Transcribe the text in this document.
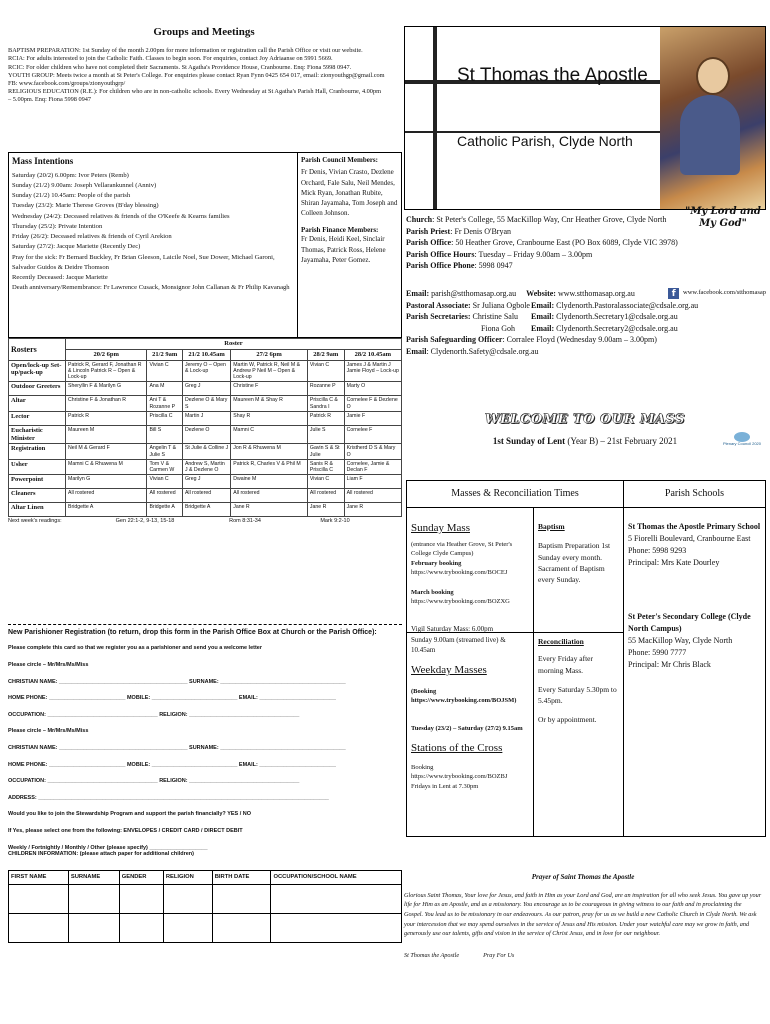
Groups and Meetings

BAPTISM PREPARATION: 1st Sunday of the month 2.00pm for more information or registration call the Parish Office or visit our website.

RCIA: For adults interested to join the Catholic Faith. Classes to begin soon. For enquiries, contact Joy Adriaanse on 5991 5669.

RCIC: For older children who have not completed their Sacraments. St Agatha's Providence House, Cranbourne. Enq: Fiona 5998 0947.

YOUTH GROUP: Meets twice a month at St Peter's College. For enquiries please contact Ryan Fynn 0425 654 017, email: zionyouthgp@gmail.com

FB: www.facebook.com/groups/zionyouthgrp/

RELIGIOUS EDUCATION (R.E.): For children who are in non-catholic schools. Every Wednesday at St Agatha's Parish Hall, Cranbourne, 4.00pm

– 5.00pm. Enq: Fiona 5998 0947

Mass Intentions

Saturday (20/2) 6.00pm: Ivor Peters (Remb)

Sunday (21/2) 9.00am: Joseph Vellarankunnel (Anniv)

Sunday (21/2) 10.45am: People of the parish

Tuesday (23/2): Marie Therese Groves (B'day blessing)

Wednesday (24/2): Deceased relatives & friends of the O'Keefe & Kearns families

Thursday (25/2): Private Intention

Friday (26/2): Deceased relatives & friends of Cyril Arekion

Saturday (27/2): Jacque Mariette (Recently Dec)

Pray for the sick: Fr Bernard Buckley, Fr Brian Gleeson, Laicile Noel, Sue Dower, Michael Garoni, Salvador Guidos & Deidre Thomson

Recently Deceased: Jacque Mariette

Death anniversary/Remembrance: Fr Lawrence Cusack, Monsignor John Callanan & Fr Philip Kavanagh

Parish Council Members:
Fr Denis, Vivian Crasto, Dezlene Orchard, Fale Salu, Neil Mendes, Mick Ryan, Jonathan Rubite, Shiran Jayamaha, Tom Joseph and Colleen Johnson.
Parish Finance Members:
Fr Denis, Heidi Keel, Sinclair Thomas, Patrick Ross, Helene Jayamaha, Peter Gomez.
Rosters	Roster					
	20/2 6pm	21/2 9am	21/2 10.45am	27/2 6pm	28/2 9am	28/2 10.45am
Open/lock-up Set-up/pack-up	Patrick R, Gerard F, Jonathan R & Lincoln Patrick R – Open & Lock-up	Vivian C	Jeremy O – Open & Lock-up	Martin W, Patrick R, Neil M & Andrew P Neil M – Open & Lock-up	Vivian C	James J & Martin J Jamie Floyd – Lock-up
Outdoor Greeters	Sheryllin F & Marilyn G	Ana M	Greg J	Christine F	Rozanne P	Marty O
Altar	Christine F & Jonathan R	Ani T & Rozanne P	Dezlene O & Mary S	Maureen M & Shay R	Priscilla C & Sandra I	Cornelee F & Dezlene O
Lector	Patrick R	Priscilla C	Martin J	Shay R	Patrick R	Jamie F
Eucharistic Minister	Maureen M	Bill S	Dezlene O	Mamni C	Julie S	Cornelee F
Registration	Neil M & Gerard F	Angelin T & Julie S	St Julie & Colline J	Jon R & Rhuwena M	Gavin S & St Julie	Kristherd D S & Mary O
Usher	Mamni C & Rhuwena M	Tom V & Carmen W	Andrew S, Martin J & Dezlene O	Patrick R, Charles V & Phil M	Sanis R & Priscilla C	Cornelee, Jamie & Declan F
Powerpoint	Marilyn G	Vivian C	Greg J	Dwaine M	Vivian C	Liam F
Cleaners	All rostered	All rostered	All rostered	All rostered	All rostered	All rostered
Altar Linen	Bridgette A	Bridgette A	Bridgette A	Jane R	Jane R	Jane R
Next week's readings:	Gen 22:1-2, 9-13, 15-18	Rom 8:31-34	Mark 9:2-10

New Parishioner Registration (to return, drop this form in the Parish Office Box at Church or the Parish Office):

Please complete this card so that we register you as a parishioner and send you a welcome letter

Please circle – Mr/Mrs/Ms/Miss

CHRISTIAN NAME: __________________________________________ SURNAME: _________________________________________

HOME PHONE: _________________________ MOBILE: ____________________________ EMAIL: _________________________

OCCUPATION: ____________________________________ RELIGION: ____________________________________

Please circle – Mr/Mrs/Ms/Miss

CHRISTIAN NAME: __________________________________________ SURNAME: _________________________________________

HOME PHONE: _________________________ MOBILE: ____________________________ EMAIL: _________________________

OCCUPATION: ____________________________________ RELIGION: ____________________________________

ADDRESS: _______________________________________________________________________________________________

Would you like to join the Stewardship Program and support the parish financially? YES / NO

If Yes, please select one from the following: ENVELOPES / CREDIT CARD / DIRECT DEBIT

Weekly / Fortnightly / Monthly / Other (please specify) ___________________

CHILDREN INFORMATION: (please attach paper for additional children)

FIRST NAME	SURNAME	GENDER	RELIGION	BIRTH DATE	OCCUPATION/SCHOOL NAME

St Thomas the Apostle
Catholic Parish, Clyde North
Church: St Peter's College, 55 MacKillop Way, Cnr Heather Grove, Clyde North
Parish Priest: Fr Denis O'Bryan
Parish Office: 50 Heather Grove, Cranbourne East (PO Box 6089, Clyde VIC 3978)
Parish Office Hours: Tuesday – Friday 9.00am – 3.00pm
Parish Office Phone: 5998 0947
"My Lord and My God"
Email: parish@stthomasap.org.au	Website: www.stthomasap.org.au	f	www.facebook.com/stthomasap
Pastoral Associate: Sr Juliana Ogbole Email: Clydenorth.Pastoralassociate@cdsale.org.au
Parish Secretaries: Christine Salu	Email: Clydenorth.Secretary1@cdsale.org.au
Fiona Goh	Email: Clydenorth.Secretary2@cdsale.org.au
Parish Safeguarding Officer: Corralee Floyd (Wednesday 9.00am – 3.00pm)
Email: Clydenorth.Safety@cdsale.org.au
WELCOME TO OUR MASS
1st Sunday of Lent (Year B) – 21st February 2021	Plenary Council 2020
Masses & Reconciliation Times	Parish Schools
Sunday Mass
(entrance via Heather Grove, St Peter's College Clyde Campus)
February booking
https://www.trybooking.com/BOCEJ
March booking
https://www.trybooking.com/BOZXG
Vigil Saturday Mass: 6.00pm
Sunday 9.00am (streamed live) & 10.45am
Weekday Masses
(Booking https://www.trybooking.com/BOJSM)
Tuesday (23/2) – Saturday (27/2) 9.15am
Stations of the Cross
Booking https://www.trybooking.com/BOZBJ
Fridays in Lent at 7.30pm
Baptism
Baptism Preparation 1st Sunday every month. Sacrament of Baptism every Sunday.
Reconciliation
Every Friday after morning Mass.
Every Saturday 5.30pm to 5.45pm.
Or by appointment.
St Thomas the Apostle Primary School
5 Fiorelli Boulevard, Cranbourne East
Phone: 5998 9293
Principal: Mrs Kate Dourley
St Peter's Secondary College (Clyde North Campus)
55 MacKillop Way, Clyde North
Phone: 5990 7777
Principal: Mr Chris Black
Prayer of Saint Thomas the Apostle
Glorious Saint Thomas, Your love for Jesus, and faith in Him as your Lord and God, are an inspiration for all who seek Jesus. You gave up your life for Him as an Apostle, and as a missionary. You encourage us to be courageous in giving witness to our faith and in proclaiming the Gospel. You lead us to be missionary in our endeavours. As our patron, pray for us as we build a new Catholic Church in Clyde North. We ask your intercession that we may spend ourselves in the service of Jesus and His mission. Under your watchful care may we grow in faith, and generously use our talents, gifts and vision in the service of Christ Jesus, and in love for our neighbour.
St Thomas the Apostle	Pray For Us
